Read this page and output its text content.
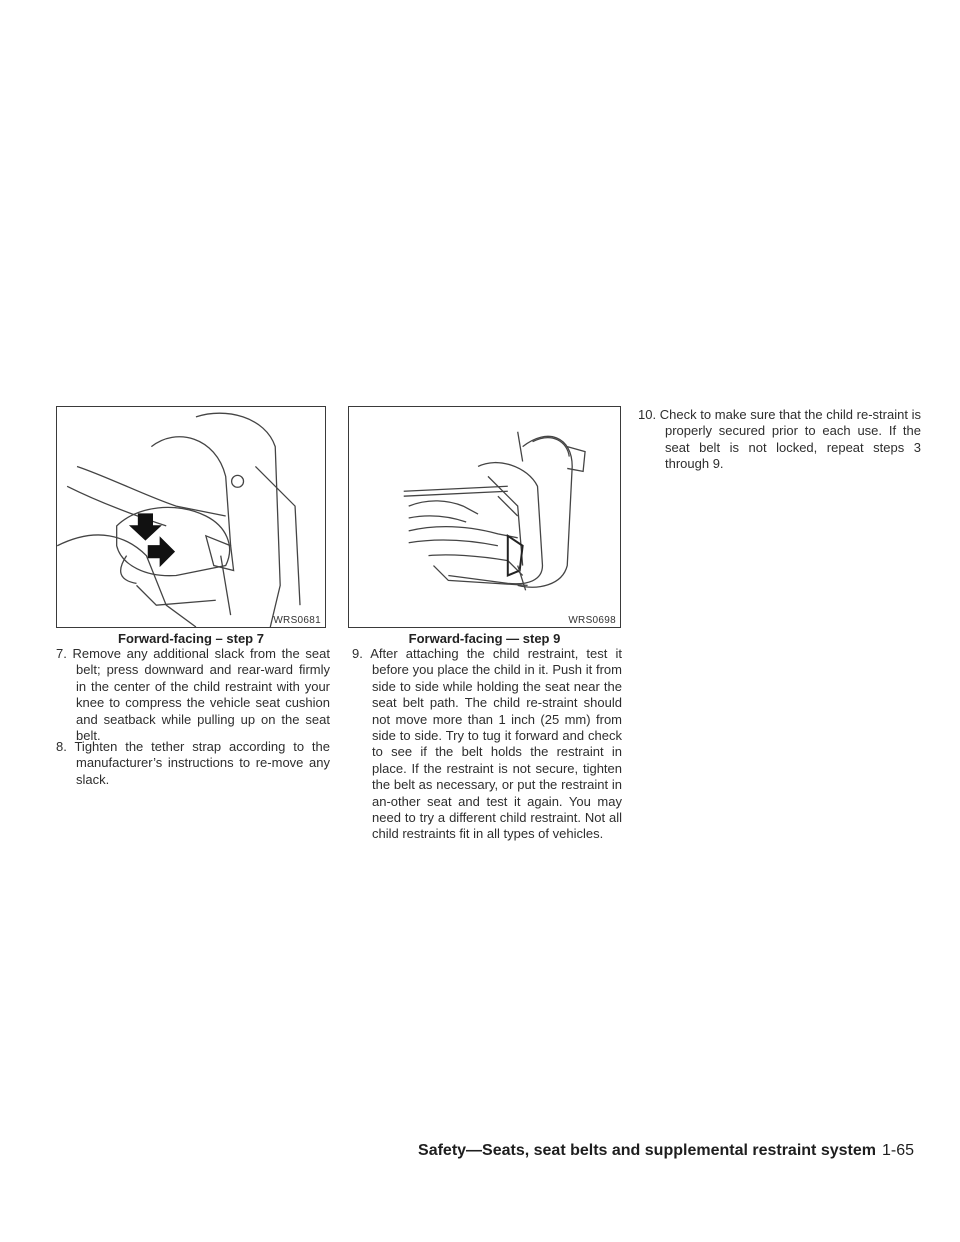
WRS0681
Forward-facing – step 7
WRS0698
Forward-facing — step 9
7. Remove any additional slack from the seat belt; press downward and rear-ward firmly in the center of the child restraint with your knee to compress the vehicle seat cushion and seatback while pulling up on the seat belt.
8. Tighten the tether strap according to the manufacturer’s instructions to re-move any slack.
9. After attaching the child restraint, test it before you place the child in it. Push it from side to side while holding the seat near the seat belt path. The child re-straint should not move more than 1 inch (25 mm) from side to side. Try to tug it forward and check to see if the belt holds the restraint in place. If the restraint is not secure, tighten the belt as necessary, or put the restraint in an-other seat and test it again. You may need to try a different child restraint. Not all child restraints fit in all types of vehicles.
10. Check to make sure that the child re-straint is properly secured prior to each use. If the seat belt is not locked, repeat steps 3 through 9.
Safety—Seats, seat belts and supplemental restraint system 1-65
